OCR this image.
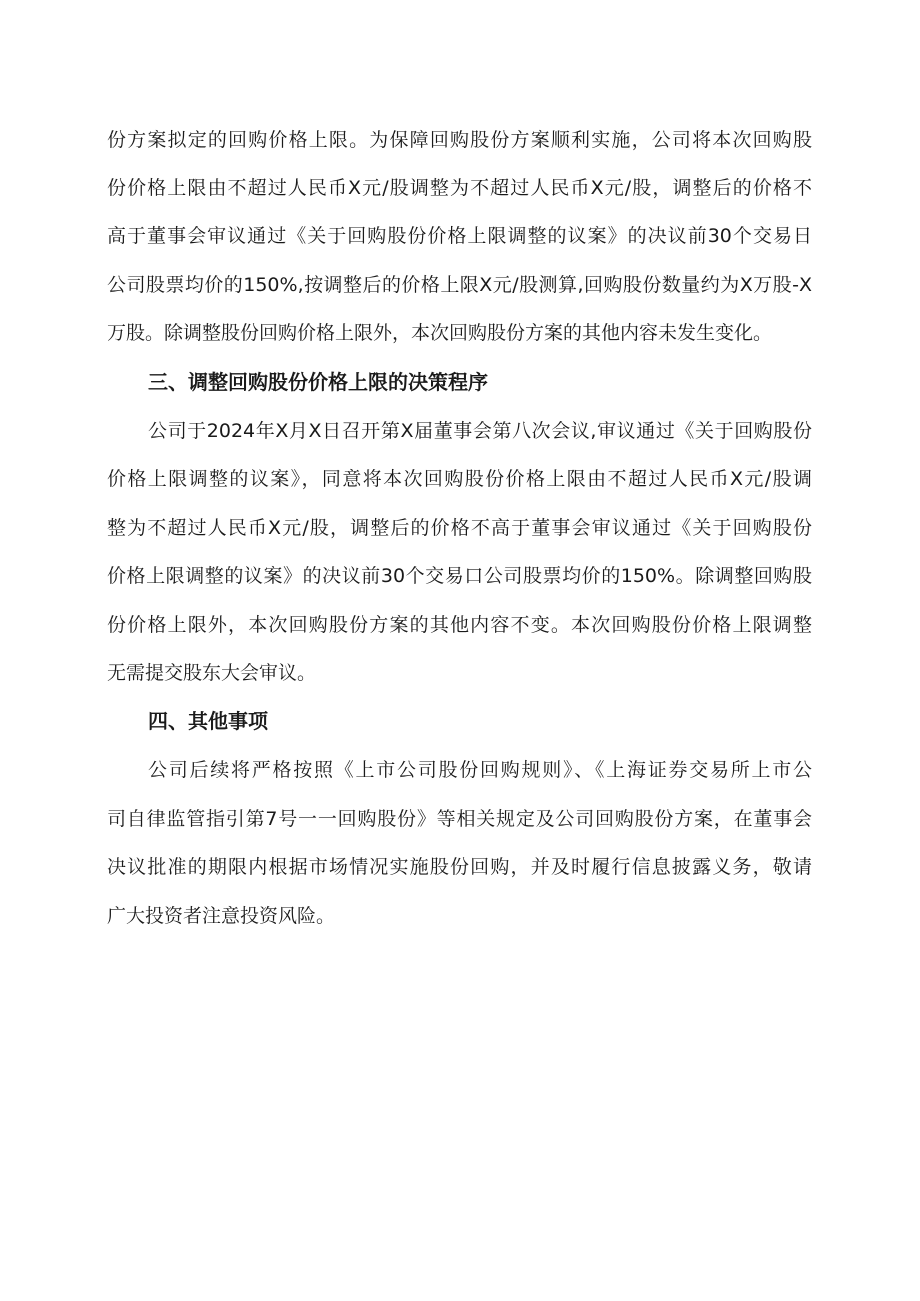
份方案拟定的回购价格上限。为保障回购股份方案顺利实施，公司将本次回购股
份价格上限由不超过人民币X元/股调整为不超过人民币X元/股，调整后的价格不
高于董事会审议通过《关于回购股份价格上限调整的议案》的决议前30个交易日
公司股票均价的150%,按调整后的价格上限X元/股测算,回购股份数量约为X万股-X
万股。除调整股份回购价格上限外，本次回购股份方案的其他内容未发生变化。
三、调整回购股份价格上限的决策程序
公司于2024年X月X日召开第X届董事会第八次会议,审议通过《关于回购股份
价格上限调整的议案》，同意将本次回购股份价格上限由不超过人民币X元/股调
整为不超过人民币X元/股，调整后的价格不高于董事会审议通过《关于回购股份
价格上限调整的议案》的决议前30个交易口公司股票均价的150%。除调整回购股
份价格上限外，本次回购股份方案的其他内容不变。本次回购股份价格上限调整
无需提交股东大会审议。
四、其他事项
公司后续将严格按照《上市公司股份回购规则》、《上海证券交易所上市公
司自律监管指引第7号一一回购股份》等相关规定及公司回购股份方案，在董事会
决议批准的期限内根据市场情况实施股份回购，并及时履行信息披露义务，敬请
广大投资者注意投资风险。
